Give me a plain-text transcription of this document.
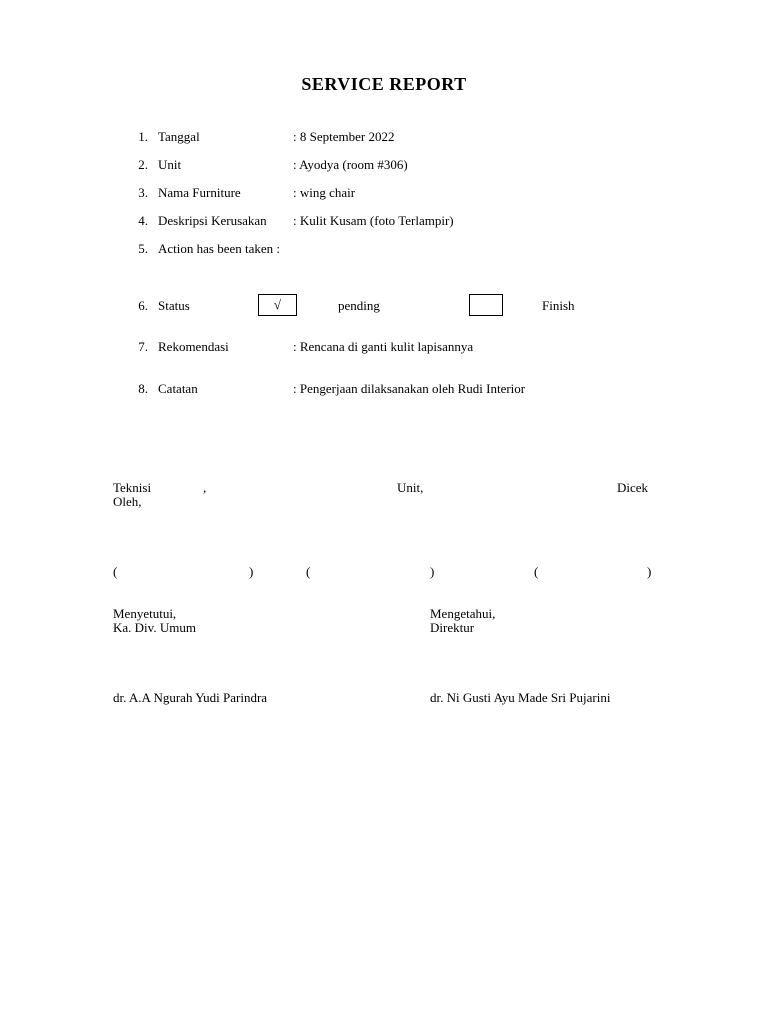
SERVICE REPORT
1. Tanggal	: 8 September 2022
2. Unit	: Ayodya (room #306)
3. Nama Furniture	: wing chair
4. Deskripsi Kerusakan : Kulit Kusam (foto Terlampir)
5. Action has been taken :
6. Status	√	pending	Finish
7. Rekomendasi	: Rencana di ganti kulit lapisannya
8. Catatan	: Pengerjaan dilaksanakan oleh Rudi Interior
Teknisi	,	Unit,	Dicek
Oleh,
(	)	(	)	(	)
Menyetutui,
Ka. Div. Umum
Mengetahui,
Direktur
dr. A.A Ngurah Yudi Parindra	dr. Ni Gusti Ayu Made Sri Pujarini
